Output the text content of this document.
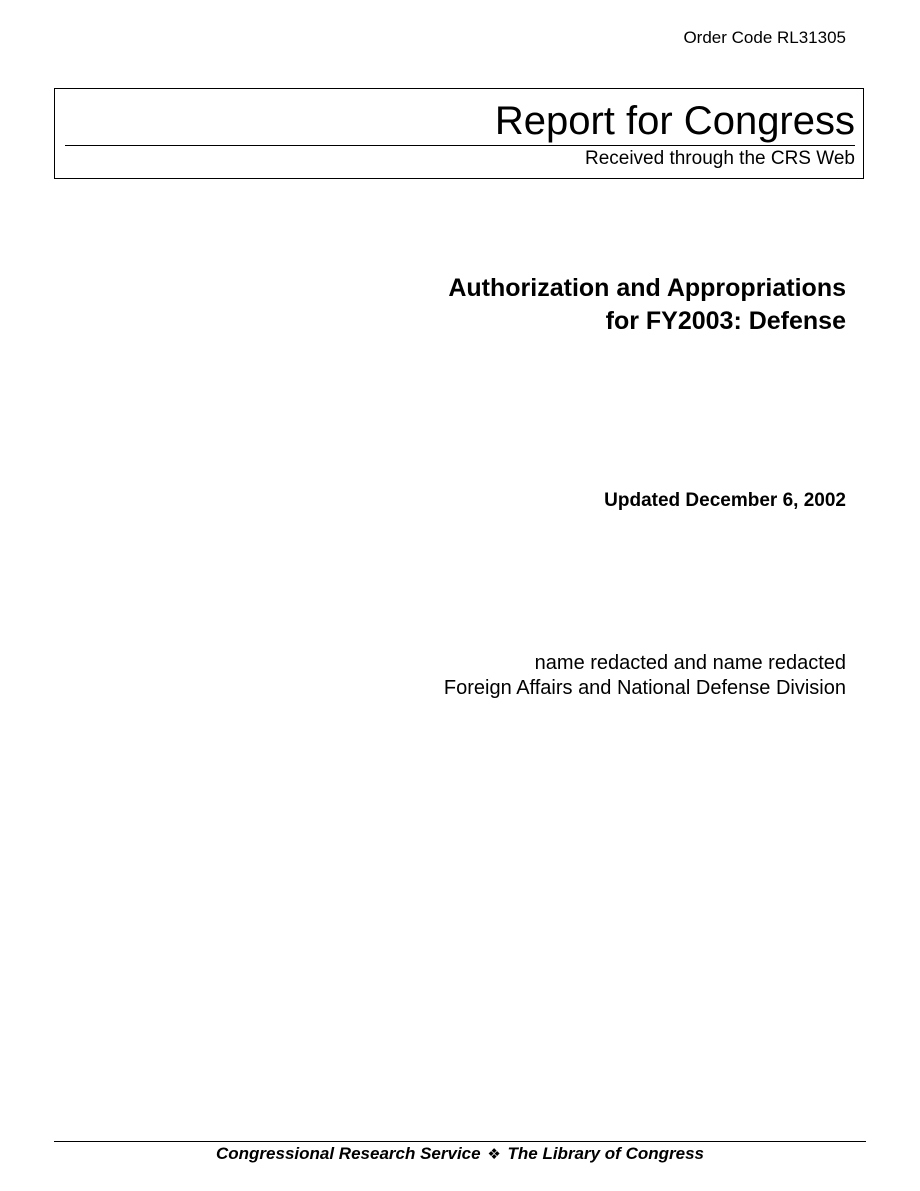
Order Code RL31305
Report for Congress
Received through the CRS Web
Authorization and Appropriations
for FY2003: Defense
Updated December 6, 2002
name redacted and name redacted
Foreign Affairs and National Defense Division
Congressional Research Service ❖ The Library of Congress
